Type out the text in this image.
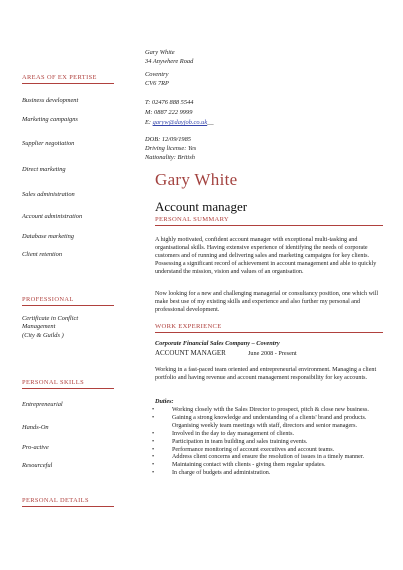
Gary White
34 Anywhere Road
Coventry
CV6 7RP
T: 02476 888 5544
M: 0887 222 9999
E: garyw@dayjob.co.uk__
DOB: 12/09/1985
Driving license: Yes
Nationality: British
AREAS OF EX PERTISE
Business development
Marketing campaigns
Supplier negotiation
Direct marketing
Sales administration
Account administration
Database marketing
Client retention
PROFESSIONAL
Certificate in Conflict
Management
(City & Guilds )
PERSONAL SKILLS
Entrepreneurial
Hands-On
Pro-active
Resourceful
PERSONAL DETAILS
Gary White
Account manager
PERSONAL SUMMARY
A highly motivated, confident account manager with exceptional multi-tasking and organisational skills. Having extensive experience of identifying the needs of corporate customers and of running and delivering sales and marketing campaigns for key clients. Possessing a significant record of achievement in account management and able to quickly understand the mission, vision and values of an organisation.
Now looking for a new and challenging managerial or consultancy position, one which will make best use of my existing skills and experience and also further my personal and professional development.
WORK EXPERIENCE
Corporate Financial Sales Company – Coventry
ACCOUNT MANAGER	June 2008 - Present
Working in a fast-paced team oriented and entrepreneurial environment. Managing a client portfolio and having revenue and account management responsibility for key accounts.
Duties:
• Working closely with the Sales Director to prospect, pitch & close new business.
• Gaining a strong knowledge and understanding of a clients' brand and products. Organising weekly team meetings with staff, directors and senior managers.
• Involved in the day to day management of clients.
• Participation in team building and sales training events.
• Performance monitoring of account executives and account teams.
• Address client concerns and ensure the resolution of issues in a timely manner.
• Maintaining contact with clients - giving them regular updates.
• In charge of budgets and administration.
